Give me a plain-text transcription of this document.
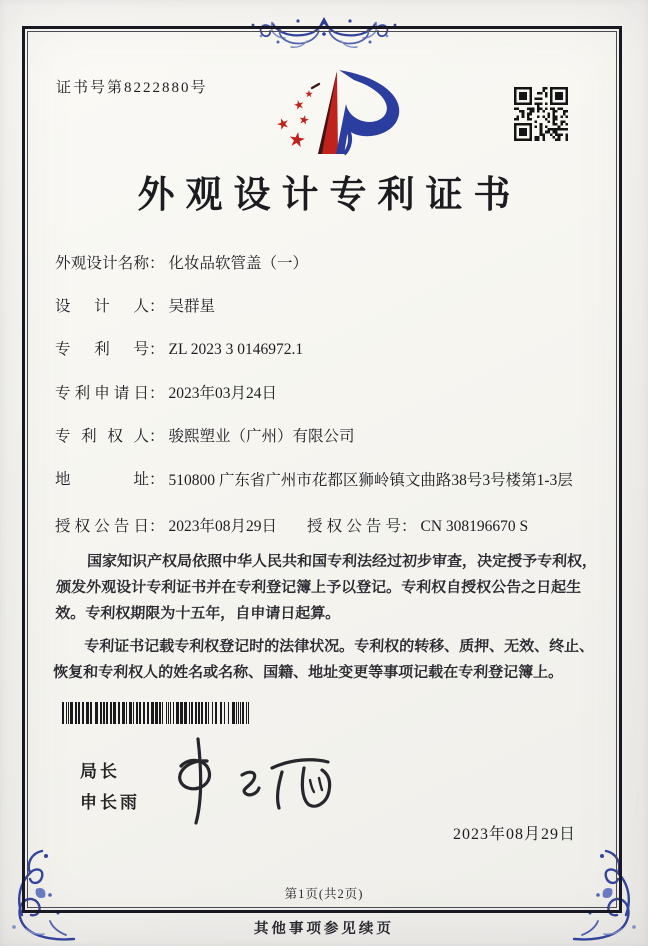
证书号第8222880号
外观设计专利证书
外观设计名称： 化妆品软管盖（一）
设计人： 吴群星
专利号： ZL 2023 3 0146972.1
专利申请日： 2023年03月24日
专利权人： 骏熙塑业（广州）有限公司
地址： 510800 广东省广州市花都区狮岭镇文曲路38号3号楼第1-3层
授权公告日： 2023年08月29日 授权公告号： CN 308196670 S

国家知识产权局依照中华人民共和国专利法经过初步审查，决定授予专利权，颁发外观设计专利证书并在专利登记簿上予以登记。专利权自授权公告之日起生效。专利权期限为十五年，自申请日起算。

专利证书记载专利权登记时的法律状况。专利权的转移、质押、无效、终止、恢复和专利权人的姓名或名称、国籍、地址变更等事项记载在专利登记簿上。

局长
申长雨
2023年08月29日
第1页(共2页)
其他事项参见续页
